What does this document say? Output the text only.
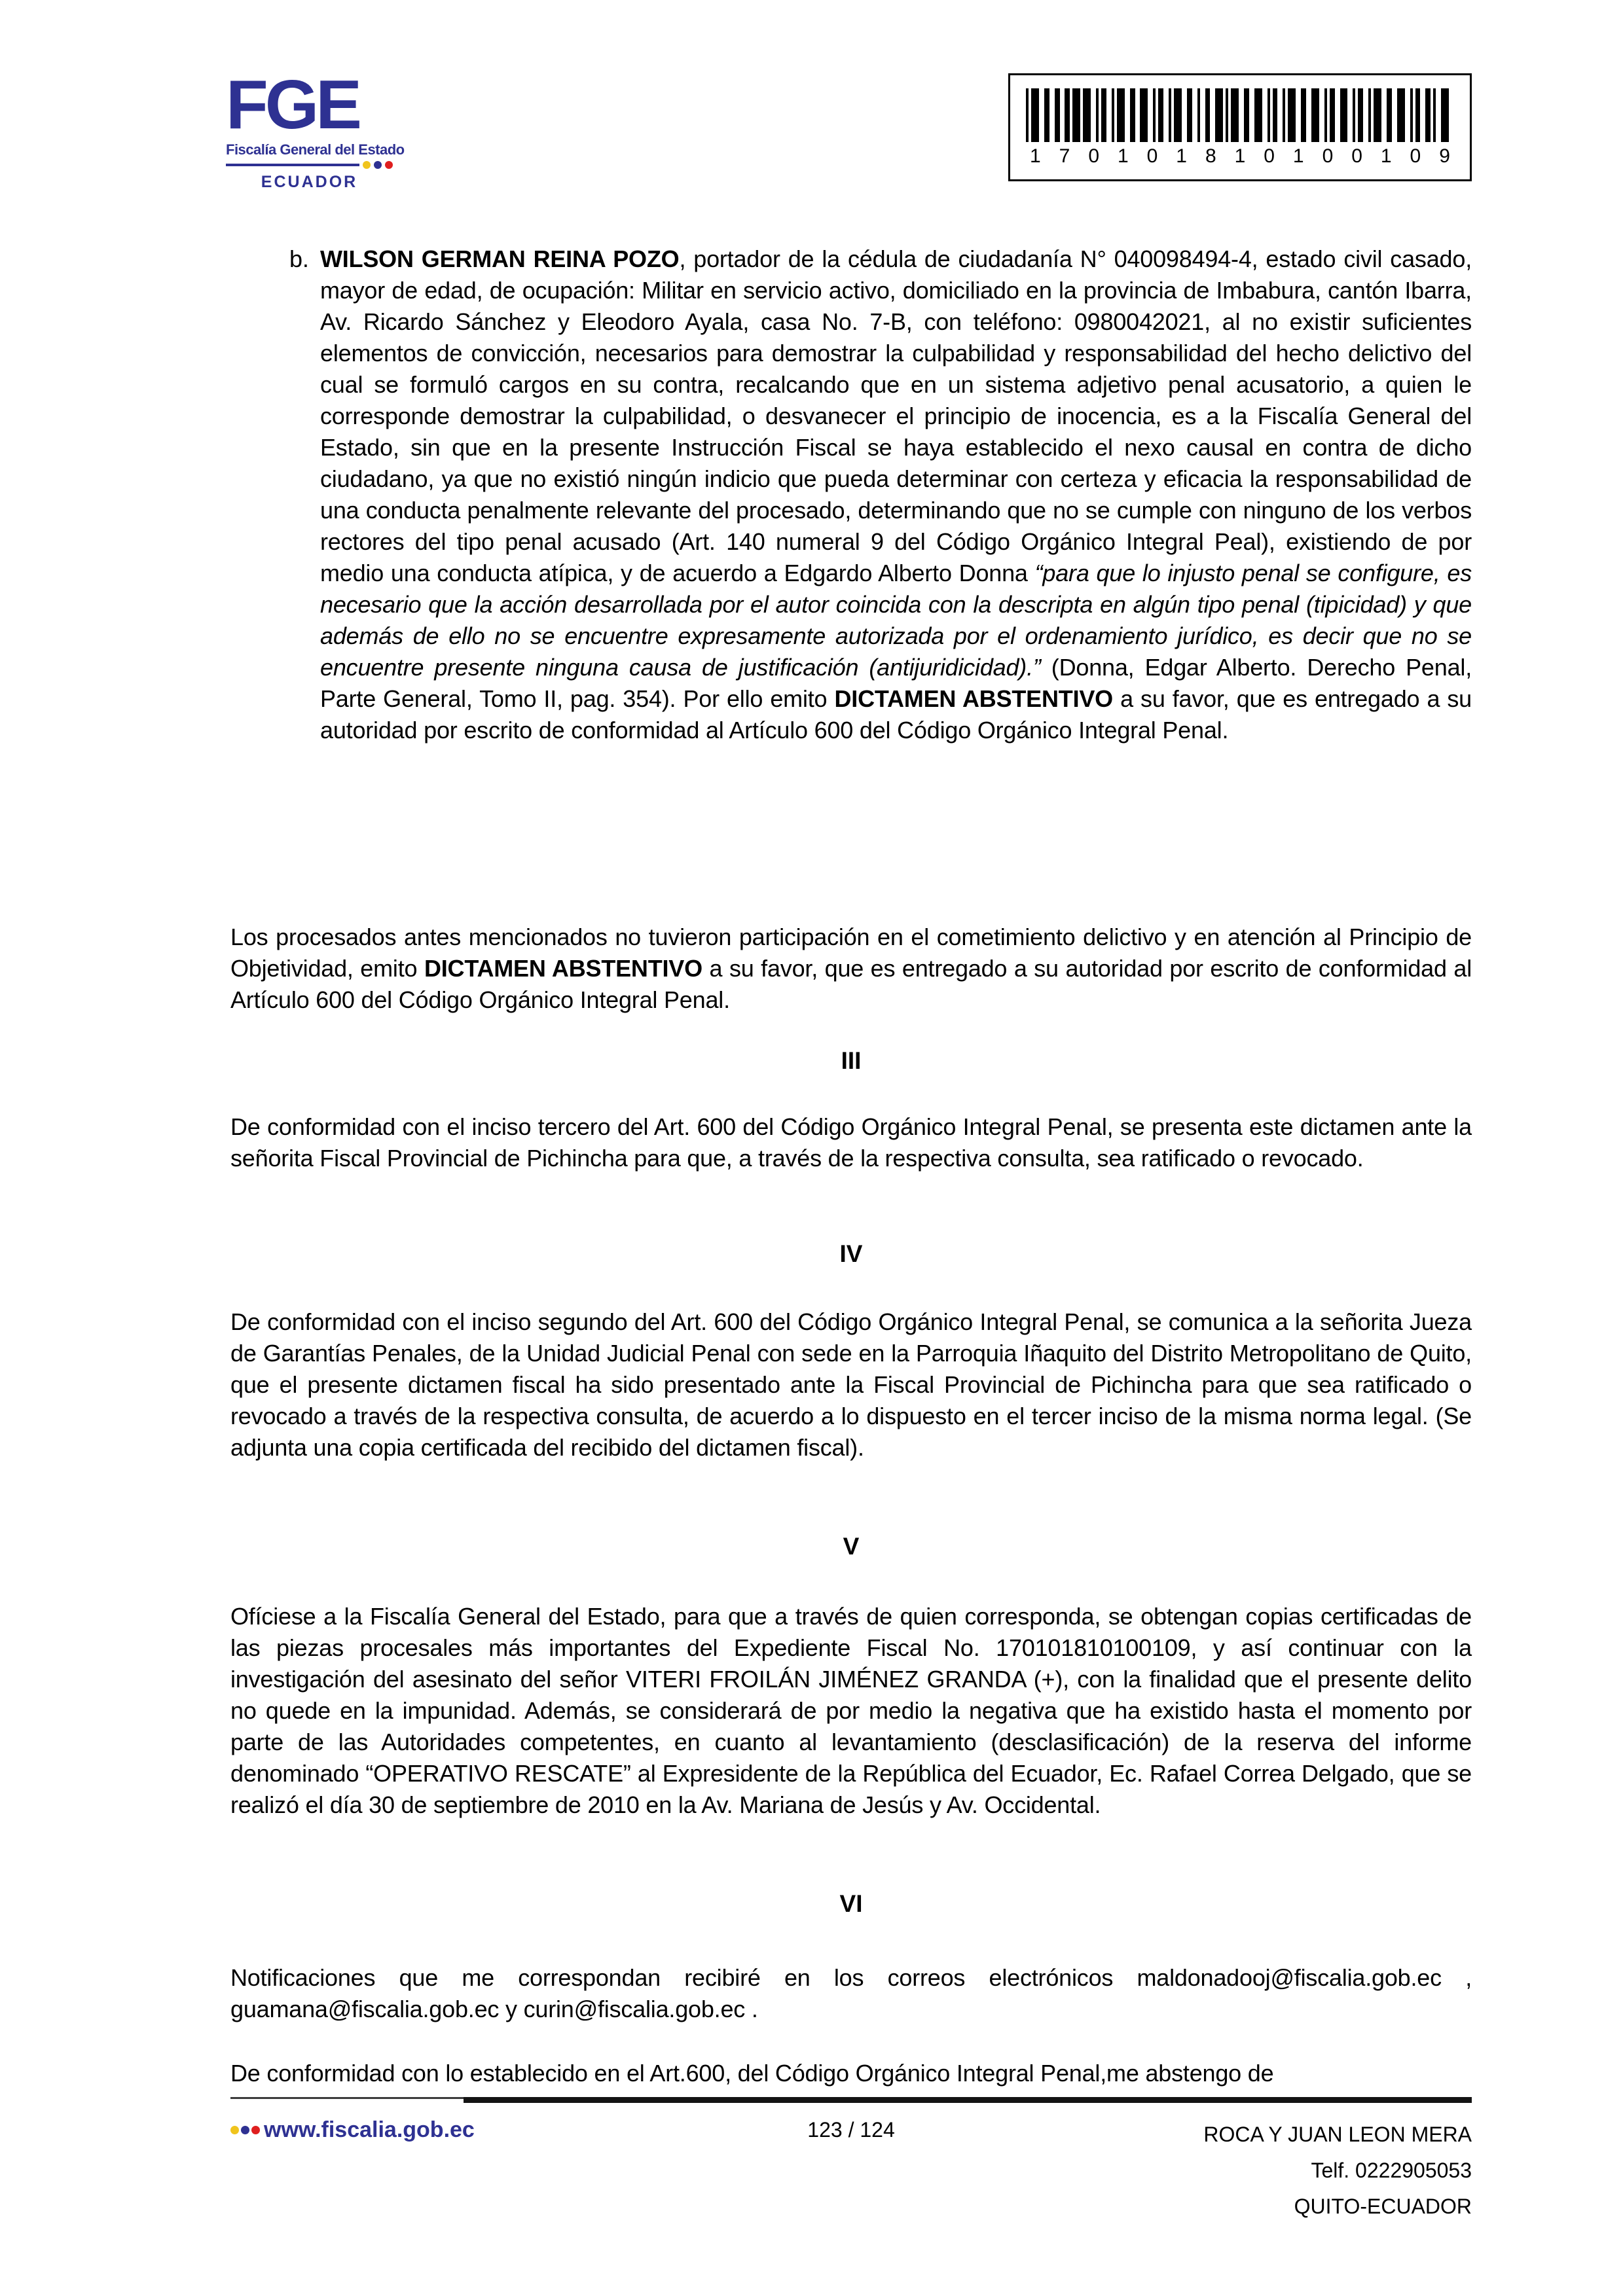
FGE
Fiscalía General del Estado
ECUADOR
1 7 0 1 0 1 8 1 0 1 0 0 1 0 9
b. WILSON GERMAN REINA POZO, portador de la cédula de ciudadanía N° 040098494-4, estado civil casado, mayor de edad, de ocupación: Militar en servicio activo, domiciliado en la provincia de Imbabura, cantón Ibarra, Av. Ricardo Sánchez y Eleodoro Ayala, casa No. 7-B, con teléfono: 0980042021, al no existir suficientes elementos de convicción, necesarios para demostrar la culpabilidad y responsabilidad del hecho delictivo del cual se formuló cargos en su contra, recalcando que en un sistema adjetivo penal acusatorio, a quien le corresponde demostrar la culpabilidad, o desvanecer el principio de inocencia, es a la Fiscalía General del Estado, sin que en la presente Instrucción Fiscal se haya establecido el nexo causal en contra de dicho ciudadano, ya que no existió ningún indicio que pueda determinar con certeza y eficacia la responsabilidad de una conducta penalmente relevante del procesado, determinando que no se cumple con ninguno de los verbos rectores del tipo penal acusado (Art. 140 numeral 9 del Código Orgánico Integral Peal), existiendo de por medio una conducta atípica, y de acuerdo a Edgardo Alberto Donna “para que lo injusto penal se configure, es necesario que la acción desarrollada por el autor coincida con la descripta en algún tipo penal (tipicidad) y que además de ello no se encuentre expresamente autorizada por el ordenamiento jurídico, es decir que no se encuentre presente ninguna causa de justificación (antijuridicidad).” (Donna, Edgar Alberto. Derecho Penal, Parte General, Tomo II, pag. 354). Por ello emito DICTAMEN ABSTENTIVO a su favor, que es entregado a su autoridad por escrito de conformidad al Artículo 600 del Código Orgánico Integral Penal.
Los procesados antes mencionados no tuvieron participación en el cometimiento delictivo y en atención al Principio de Objetividad, emito DICTAMEN ABSTENTIVO a su favor, que es entregado a su autoridad por escrito de conformidad al Artículo 600 del Código Orgánico Integral Penal.
III
De conformidad con el inciso tercero del Art. 600 del Código Orgánico Integral Penal, se presenta este dictamen ante la señorita Fiscal Provincial de Pichincha para que, a través de la respectiva consulta, sea ratificado o revocado.
IV
De conformidad con el inciso segundo del Art. 600 del Código Orgánico Integral Penal, se comunica a la señorita Jueza de Garantías Penales, de la Unidad Judicial Penal con sede en la Parroquia Iñaquito del Distrito Metropolitano de Quito, que el presente dictamen fiscal ha sido presentado ante la Fiscal Provincial de Pichincha para que sea ratificado o revocado a través de la respectiva consulta, de acuerdo a lo dispuesto en el tercer inciso de la misma norma legal. (Se adjunta una copia certificada del recibido del dictamen fiscal).
V
Ofíciese a la Fiscalía General del Estado, para que a través de quien corresponda, se obtengan copias certificadas de las piezas procesales más importantes del Expediente Fiscal No. 170101810100109, y así continuar con la investigación del asesinato del señor VITERI FROILÁN JIMÉNEZ GRANDA (+), con la finalidad que el presente delito no quede en la impunidad. Además, se considerará de por medio la negativa que ha existido hasta el momento por parte de las Autoridades competentes, en cuanto al levantamiento (desclasificación) de la reserva del informe denominado “OPERATIVO RESCATE” al Expresidente de la República del Ecuador, Ec. Rafael Correa Delgado, que se realizó el día 30 de septiembre de 2010 en la Av. Mariana de Jesús y Av. Occidental.
VI
Notificaciones que me correspondan recibiré en los correos electrónicos maldonadooj@fiscalia.gob.ec , guamana@fiscalia.gob.ec y curin@fiscalia.gob.ec .
De conformidad con lo establecido en el Art.600, del Código Orgánico Integral Penal,me abstengo de
www.fiscalia.gob.ec	123 / 124	ROCA Y JUAN LEON MERA
Telf. 0222905053
QUITO-ECUADOR
